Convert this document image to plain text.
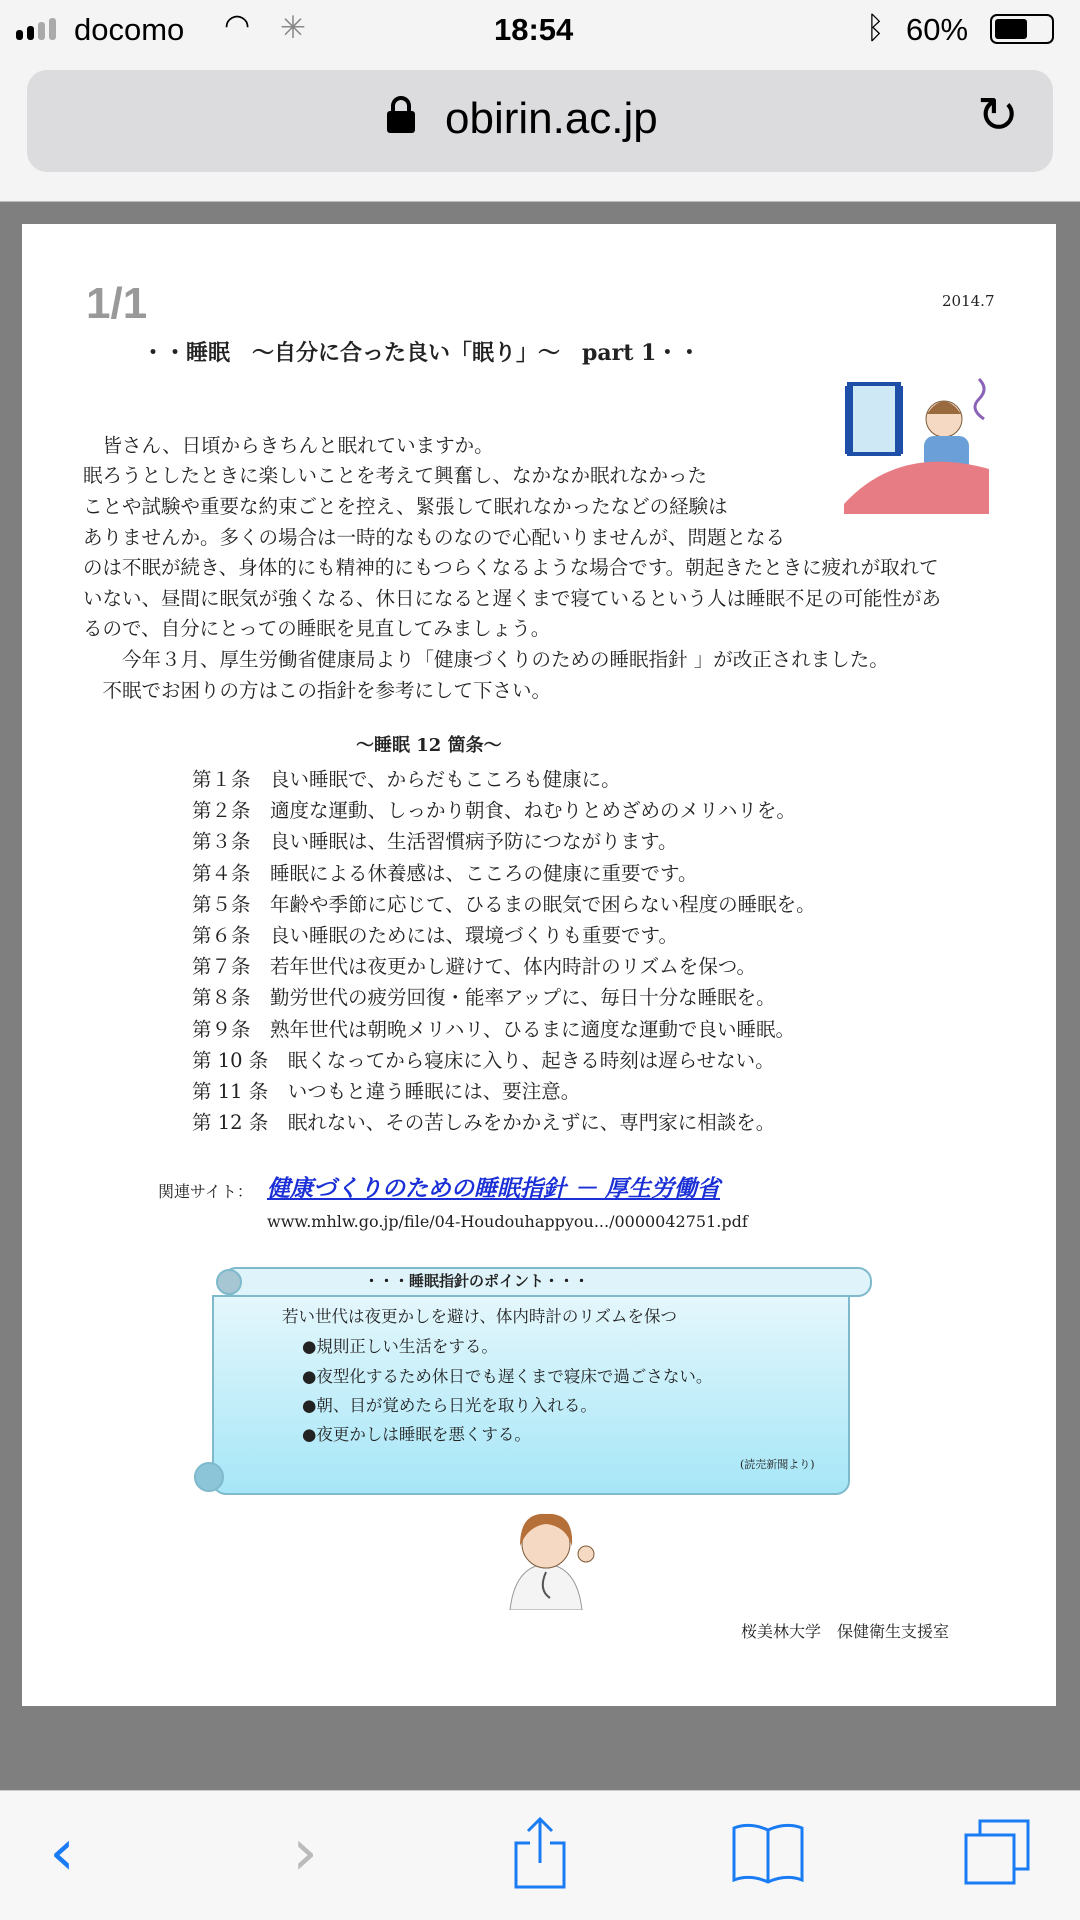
docomo ◠ ✳	18:54	ᛒ 60%
obirin.ac.jp	↻
1/1	2014.7
・・睡眠　～自分に合った良い「眠り」～　part 1・・
　皆さん、日頃からきちんと眠れていますか。
眠ろうとしたときに楽しいことを考えて興奮し、なかなか眠れなかった
ことや試験や重要な約束ごとを控え、緊張して眠れなかったなどの経験は
ありませんか。多くの場合は一時的なものなので心配いりませんが、問題となる
のは不眠が続き、身体的にも精神的にもつらくなるような場合です。朝起きたときに疲れが取れて
いない、昼間に眠気が強くなる、休日になると遅くまで寝ているという人は睡眠不足の可能性があ
るので、自分にとっての睡眠を見直してみましょう。
　　今年３月、厚生労働省健康局より「健康づくりのための睡眠指針 」が改正されました。
　不眠でお困りの方はこの指針を参考にして下さい。
～睡眠 12 箇条～
第１条　良い睡眠で、からだもこころも健康に。
第２条　適度な運動、しっかり朝食、ねむりとめざめのメリハリを。
第３条　良い睡眠は、生活習慣病予防につながります。
第４条　睡眠による休養感は、こころの健康に重要です。
第５条　年齢や季節に応じて、ひるまの眠気で困らない程度の睡眠を。
第６条　良い睡眠のためには、環境づくりも重要です。
第７条　若年世代は夜更かし避けて、体内時計のリズムを保つ。
第８条　勤労世代の疲労回復・能率アップに、毎日十分な睡眠を。
第９条　熟年世代は朝晩メリハリ、ひるまに適度な運動で良い睡眠。
第 10 条　眠くなってから寝床に入り、起きる時刻は遅らせない。
第 11 条　いつもと違う睡眠には、要注意。
第 12 条　眠れない、その苦しみをかかえずに、専門家に相談を。
関連サイト： 健康づくりのための睡眠指針 － 厚生労働省
www.mhlw.go.jp/file/04-Houdouhappyou.../0000042751.pdf
・・・睡眠指針のポイント・・・
若い世代は夜更かしを避け、体内時計のリズムを保つ
●規則正しい生活をする。
●夜型化するため休日でも遅くまで寝床で過ごさない。
●朝、目が覚めたら日光を取り入れる。
●夜更かしは睡眠を悪くする。
(読売新聞より)
桜美林大学　保健衛生支援室
‹	›
